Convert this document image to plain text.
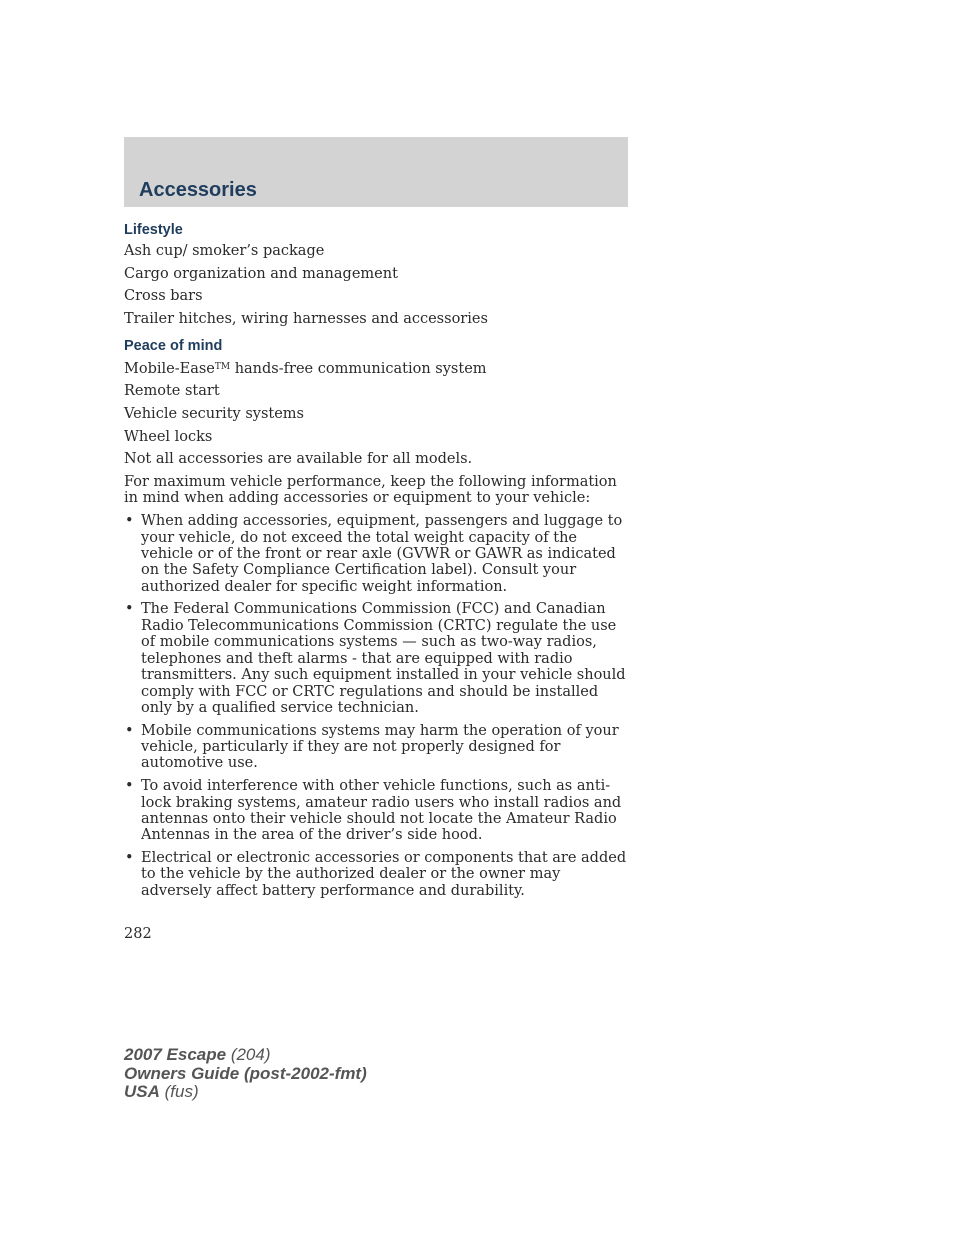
Accessories
Lifestyle

Ash cup/ smoker’s package

Cargo organization and management

Cross bars

Trailer hitches, wiring harnesses and accessories

Peace of mind

Mobile-Ease™ hands-free communication system

Remote start

Vehicle security systems

Wheel locks

Not all accessories are available for all models.

For maximum vehicle performance, keep the following information in mind when adding accessories or equipment to your vehicle:

• When adding accessories, equipment, passengers and luggage to your vehicle, do not exceed the total weight capacity of the vehicle or of the front or rear axle (GVWR or GAWR as indicated on the Safety Compliance Certification label). Consult your authorized dealer for specific weight information.
• The Federal Communications Commission (FCC) and Canadian Radio Telecommunications Commission (CRTC) regulate the use of mobile communications systems — such as two-way radios, telephones and theft alarms - that are equipped with radio transmitters. Any such equipment installed in your vehicle should comply with FCC or CRTC regulations and should be installed only by a qualified service technician.
• Mobile communications systems may harm the operation of your vehicle, particularly if they are not properly designed for automotive use.
• To avoid interference with other vehicle functions, such as anti-lock braking systems, amateur radio users who install radios and antennas onto their vehicle should not locate the Amateur Radio Antennas in the area of the driver’s side hood.
• Electrical or electronic accessories or components that are added to the vehicle by the authorized dealer or the owner may adversely affect battery performance and durability.
282
2007 Escape (204)
Owners Guide (post-2002-fmt)
USA (fus)
